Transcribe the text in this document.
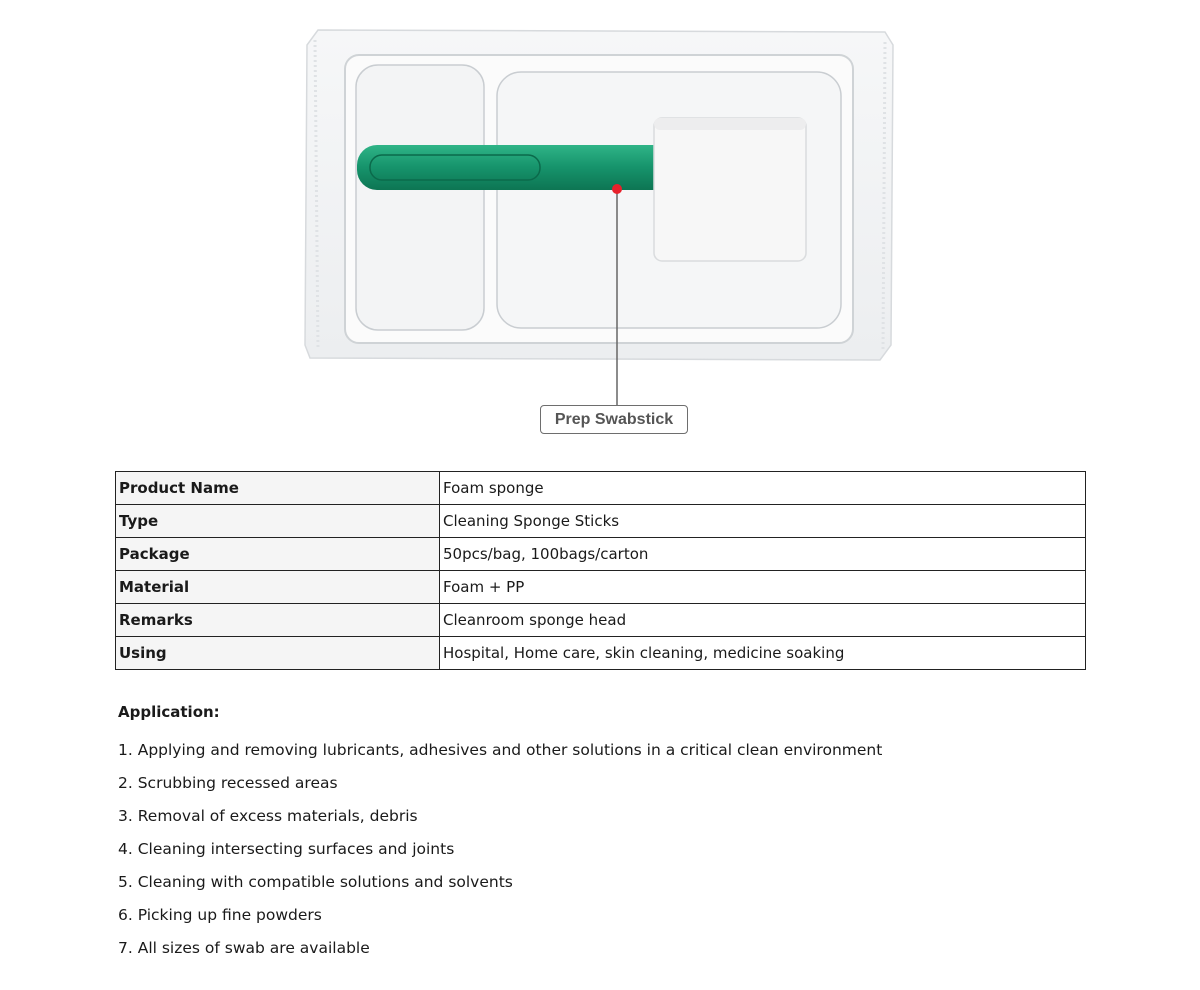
Prep Swabstick
Product Name	Foam sponge
Type	Cleaning Sponge Sticks
Package	50pcs/bag, 100bags/carton
Material	Foam + PP
Remarks	Cleanroom sponge head
Using	Hospital, Home care, skin cleaning, medicine soaking
Application:
1. Applying and removing lubricants, adhesives and other solutions in a critical clean environment
2. Scrubbing recessed areas
3. Removal of excess materials, debris
4. Cleaning intersecting surfaces and joints
5. Cleaning with compatible solutions and solvents
6. Picking up fine powders
7. All sizes of swab are available
